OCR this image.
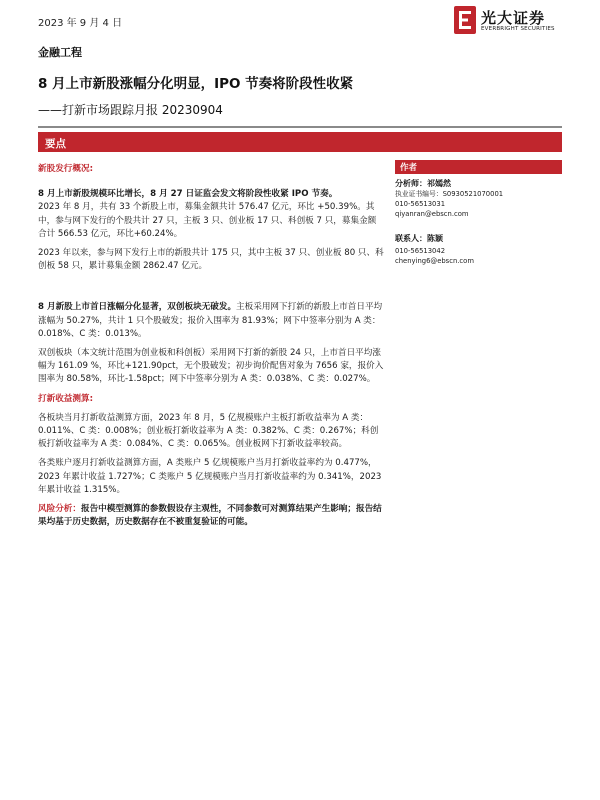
2023 年 9 月 4 日	光大证券
EVERBRIGHT SECURITIES
金融工程
8 月上市新股涨幅分化明显，IPO 节奏将阶段性收紧
——打新市场跟踪月报 20230904
要点

新股发行概况:

8 月上市新股规模环比增长，8 月 27 日证监会发文将阶段性收紧 IPO 节奏。

2023 年 8 月，共有 33 个新股上市，募集金额共计 576.47 亿元，环比 +50.39%。其中，参与网下发行的个股共计 27 只，主板 3 只、创业板 17 只、科创板 7 只，募集金额合计 566.53 亿元，环比+60.24%。

2023 年以来，参与网下发行上市的新股共计 175 只，其中主板 37 只、创业板 80 只、科创板 58 只，累计募集金额 2862.47 亿元。

8 月新股上市首日涨幅分化显著，双创板块无破发。主板采用网下打新的新股上市首日平均涨幅为 50.27%，共计 1 只个股破发；报价入围率为 81.93%；网下中签率分别为 A 类：0.018%、C 类：0.013%。

双创板块（本文统计范围为创业板和科创板）采用网下打新的新股 24 只，上市首日平均涨幅为 161.09 %，环比+121.90pct，无个股破发；初步询价配售对象为 7656 家，报价入围率为 80.58%，环比-1.58pct；网下中签率分别为 A 类：0.038%、C 类：0.027%。

打新收益测算:

各板块当月打新收益测算方面，2023 年 8 月，5 亿规模账户主板打新收益率为 A 类：0.011%、C 类：0.008%；创业板打新收益率为 A 类：0.382%、C 类：0.267%；科创板打新收益率为 A 类：0.084%、C 类：0.065%。创业板网下打新收益率较高。

各类账户逐月打新收益测算方面，A 类账户 5 亿规模账户当月打新收益率约为 0.477%，2023 年累计收益 1.727%；C 类账户 5 亿规模账户当月打新收益率约为 0.341%，2023 年累计收益 1.315%。

风险分析：报告中模型测算的参数假设存主观性，不同参数可对测算结果产生影响；报告结果均基于历史数据，历史数据存在不被重复验证的可能。

作者
分析师：祁嫣然
执业证书编号：S0930521070001
010-56513031
qiyanran@ebscn.com
联系人：陈颖
010-56513042
chenying6@ebscn.com
